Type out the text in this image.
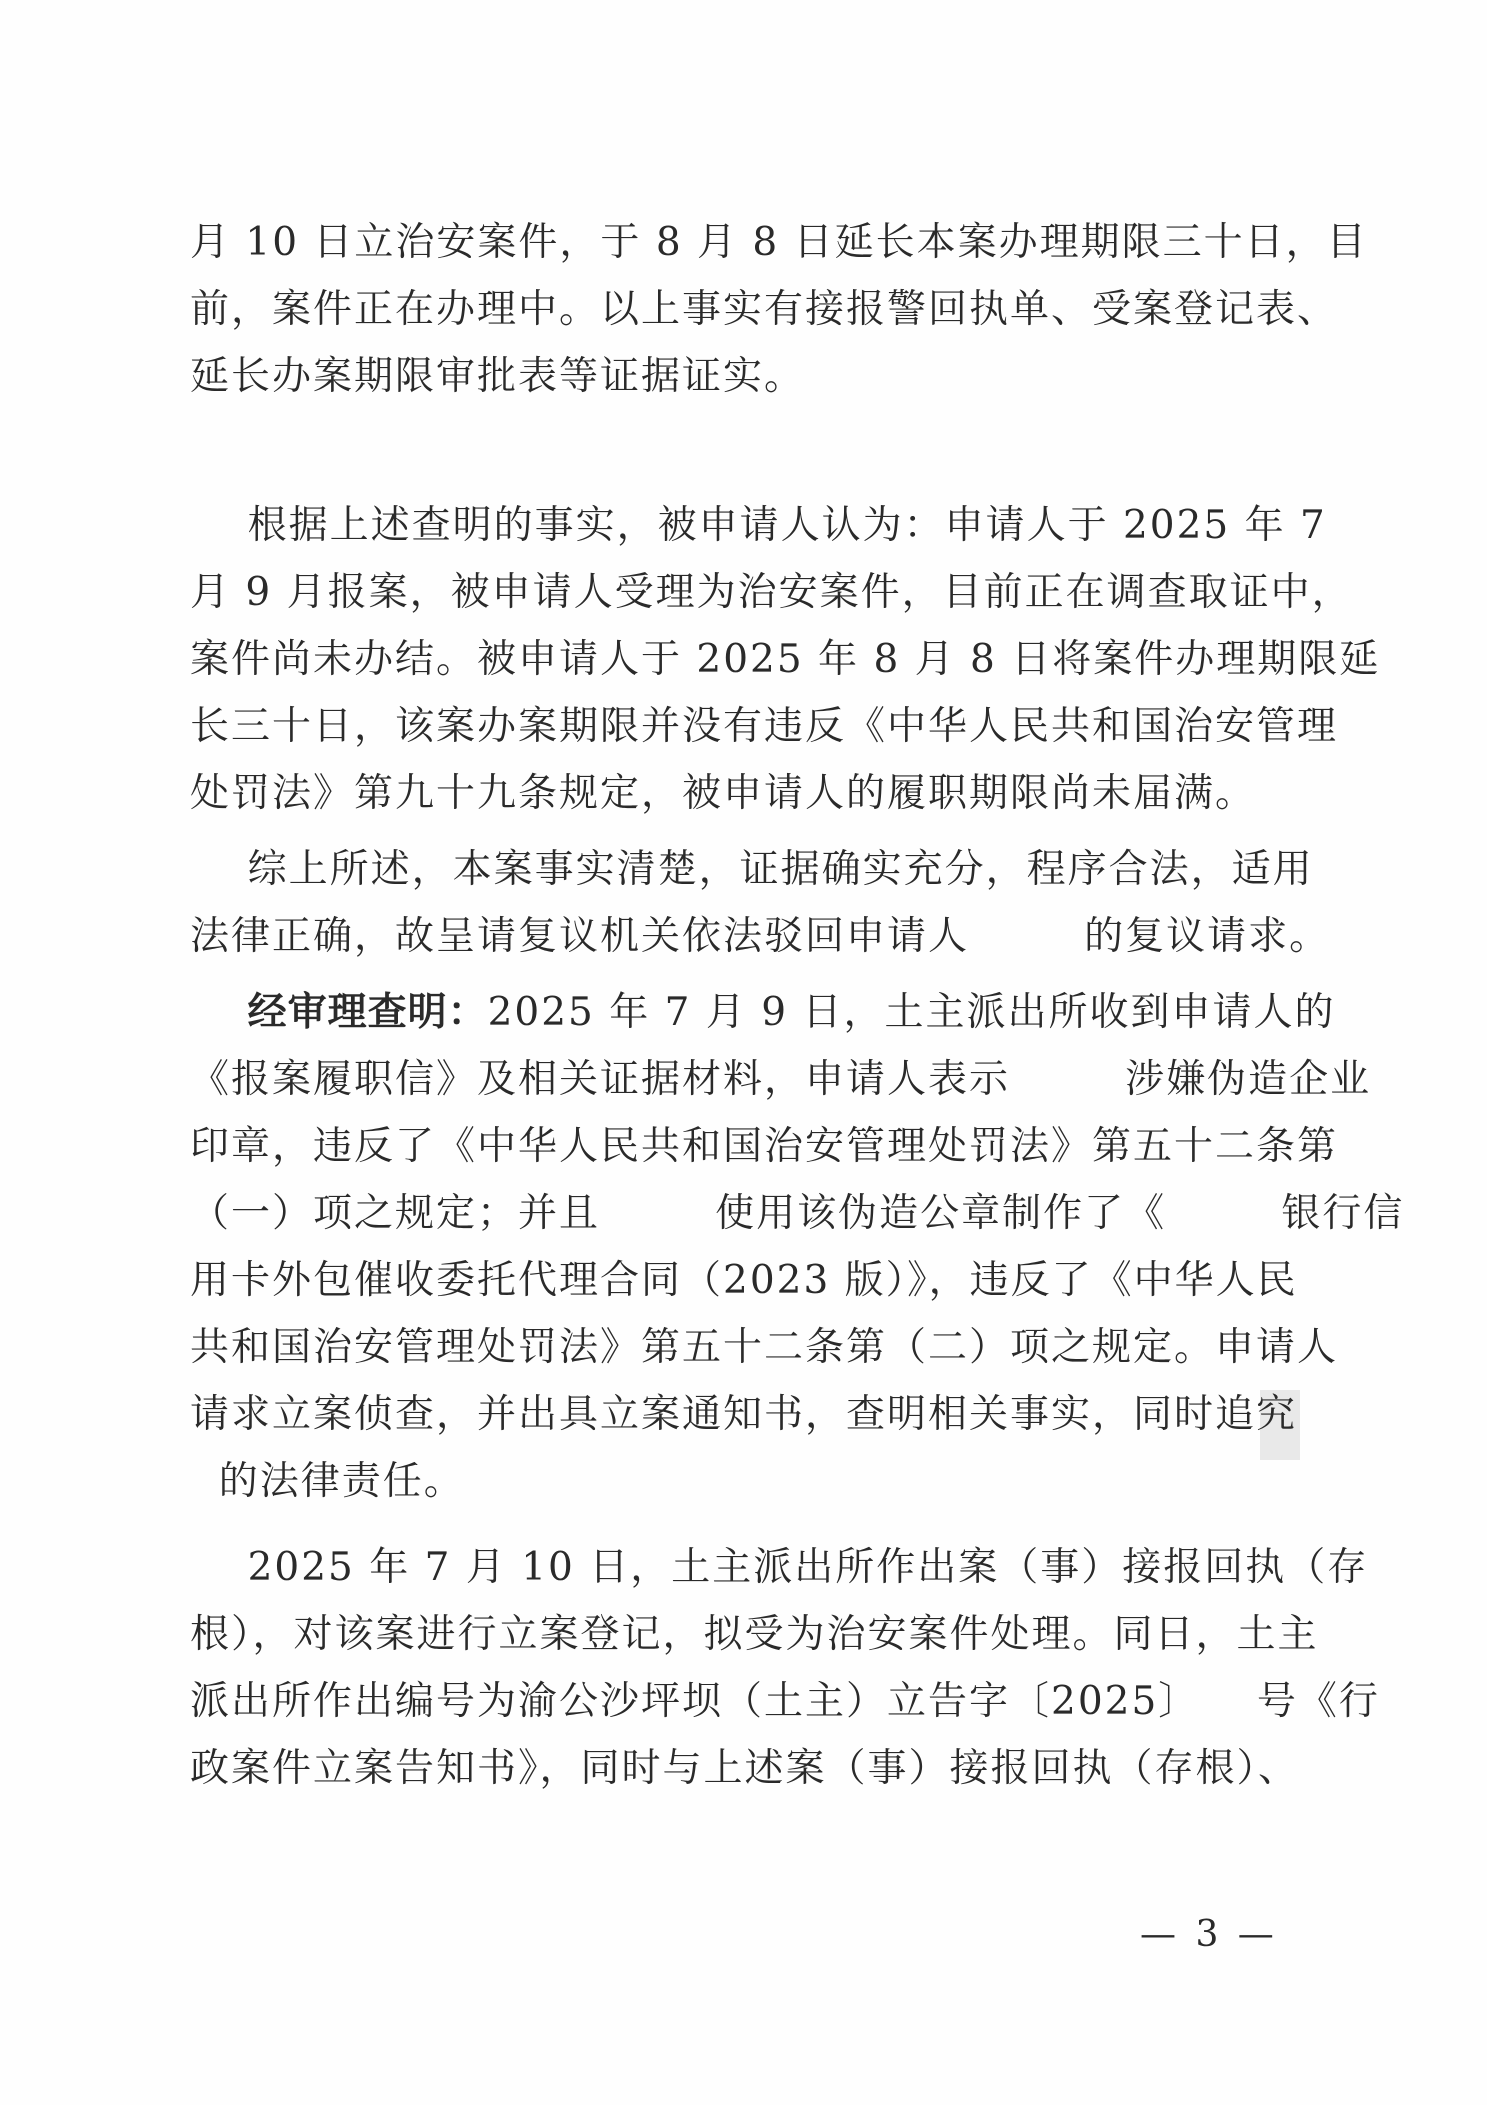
月 10 日立治安案件，于 8 月 8 日延长本案办理期限三十日，目
前，案件正在办理中。以上事实有接报警回执单、受案登记表、
延长办案期限审批表等证据证实。
根据上述查明的事实，被申请人认为：申请人于 2025 年 7
月 9 月报案，被申请人受理为治安案件，目前正在调查取证中，
案件尚未办结。被申请人于 2025 年 8 月 8 日将案件办理期限延
长三十日，该案办案期限并没有违反《中华人民共和国治安管理
处罚法》第九十九条规定，被申请人的履职期限尚未届满。
综上所述，本案事实清楚，证据确实充分，程序合法，适用
法律正确，故呈请复议机关依法驳回申请人        的复议请求。
经审理查明：2025 年 7 月 9 日，土主派出所收到申请人的
《报案履职信》及相关证据材料，申请人表示        涉嫌伪造企业
印章，违反了《中华人民共和国治安管理处罚法》第五十二条第
（一）项之规定；并且        使用该伪造公章制作了《        银行信
用卡外包催收委托代理合同（2023 版）》，违反了《中华人民
共和国治安管理处罚法》第五十二条第（二）项之规定。申请人
请求立案侦查，并出具立案通知书，查明相关事实，同时追究
的法律责任。
2025 年 7 月 10 日，土主派出所作出案（事）接报回执（存
根），对该案进行立案登记，拟受为治安案件处理。同日，土主
派出所作出编号为渝公沙坪坝（土主）立告字〔2025〕    号《行
政案件立案告知书》，同时与上述案（事）接报回执（存根）、
— 3 —
